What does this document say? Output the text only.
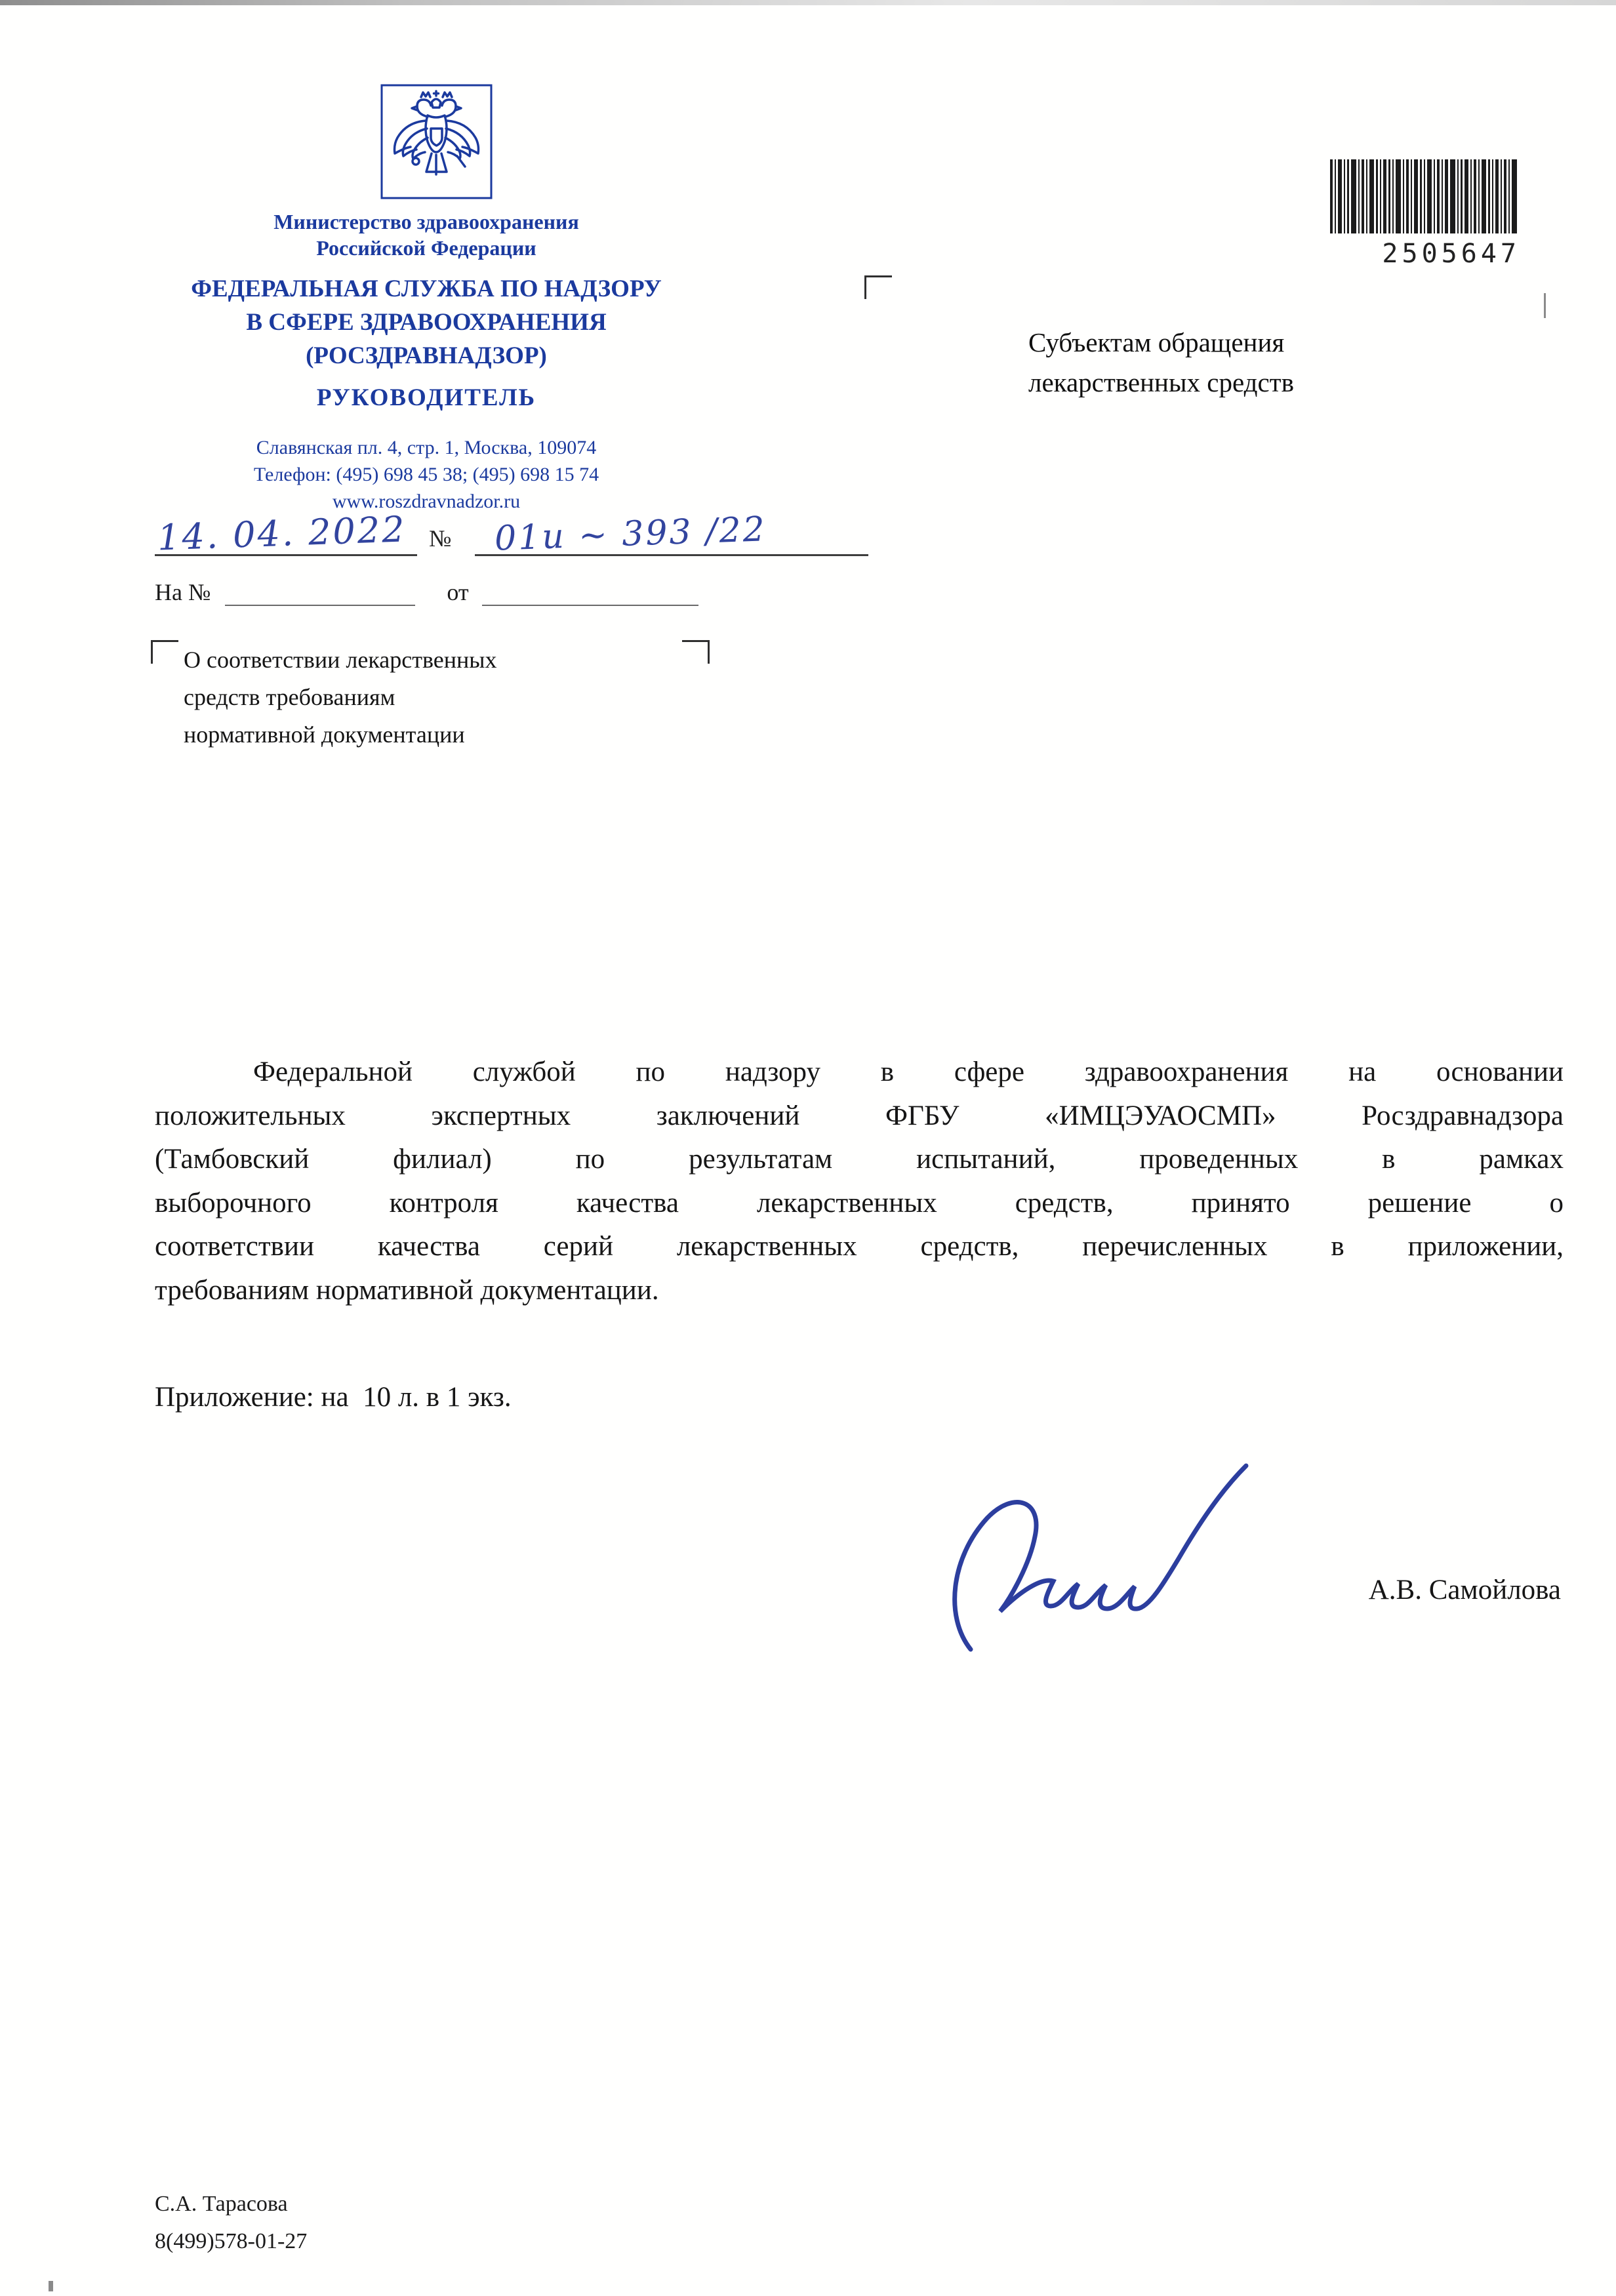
Министерство здравоохранения
Российской Федерации
ФЕДЕРАЛЬНАЯ СЛУЖБА ПО НАДЗОРУ
В СФЕРЕ ЗДРАВООХРАНЕНИЯ
(РОСЗДРАВНАДЗОР)
РУКОВОДИТЕЛЬ
Славянская пл. 4, стр. 1, Москва, 109074
Телефон: (495) 698 45 38; (495) 698 15 74
www.roszdravnadzor.ru
14. 04. 2022 №	01и ~ 393 /22
На №	от
О соответствии лекарственных
средств требованиям
нормативной документации
2505647
Субъектам обращения
лекарственных средств
Федеральной службой по надзору в сфере здравоохранения на основании
положительных экспертных заключений ФГБУ «ИМЦЭУАОСМП» Росздравнадзора
(Тамбовский филиал) по результатам испытаний, проведенных в рамках
выборочного контроля качества лекарственных средств, принято решение о
соответствии качества серий лекарственных средств, перечисленных в приложении,
требованиям нормативной документации.
Приложение: на  10 л. в 1 экз.
А.В. Самойлова
С.А. Тарасова
8(499)578-01-27
